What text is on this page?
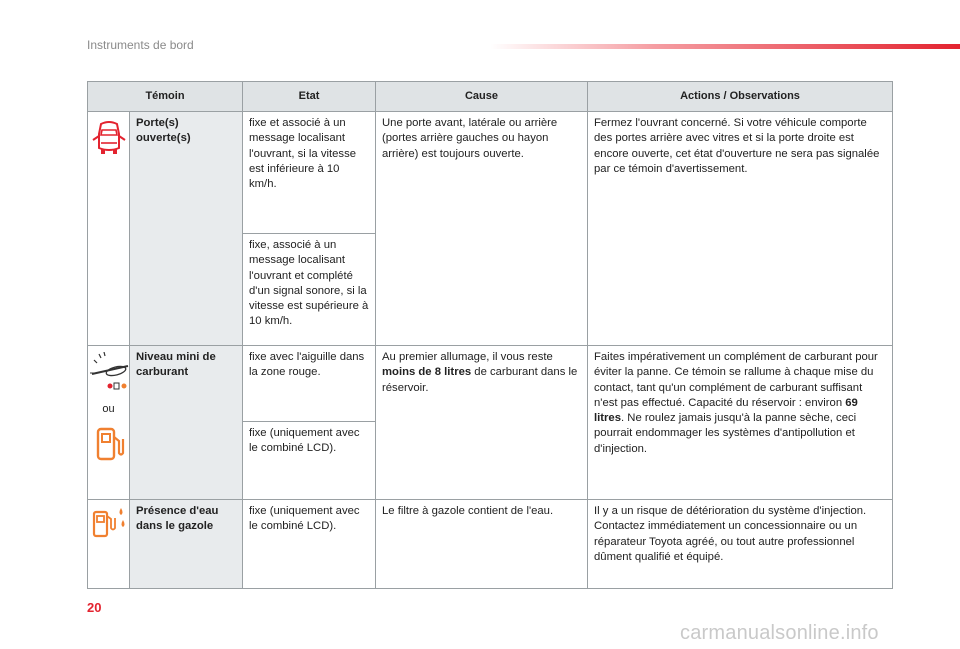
Instruments de bord
Témoin		Etat	Cause	Actions / Observations

	Porte(s) ouverte(s)	fixe et associé à un message localisant l'ouvrant, si la vitesse est inférieure à 10 km/h.	Une porte avant, latérale ou arrière (portes arrière gauches ou hayon arrière) est toujours ouverte.	Fermez l'ouvrant concerné. Si votre véhicule comporte des portes arrière avec vitres et si la porte droite est encore ouverte, cet état d'ouverture ne sera pas signalée par ce témoin d'avertissement.
		fixe, associé à un message localisant l'ouvrant et complété d'un signal sonore, si la vitesse est supérieure à 10 km/h.		

ou	Niveau mini de carburant	fixe avec l'aiguille dans la zone rouge.	Au premier allumage, il vous reste moins de 8 litres de carburant dans le réservoir.	Faites impérativement un complément de carburant pour éviter la panne. Ce témoin se rallume à chaque mise du contact, tant qu'un complément de carburant suffisant n'est pas effectué. Capacité du réservoir : environ 69 litres. Ne roulez jamais jusqu'à la panne sèche, ceci pourrait endommager les systèmes d'antipollution et d'injection.
		fixe (uniquement avec le combiné LCD).		

	Présence d'eau dans le gazole	fixe (uniquement avec le combiné LCD).	Le filtre à gazole contient de l'eau.	Il y a un risque de détérioration du système d'injection. Contactez immédiatement un concessionnaire ou un réparateur Toyota agréé, ou tout autre professionnel dûment qualifié et équipé.
20
carmanualsonline.info
